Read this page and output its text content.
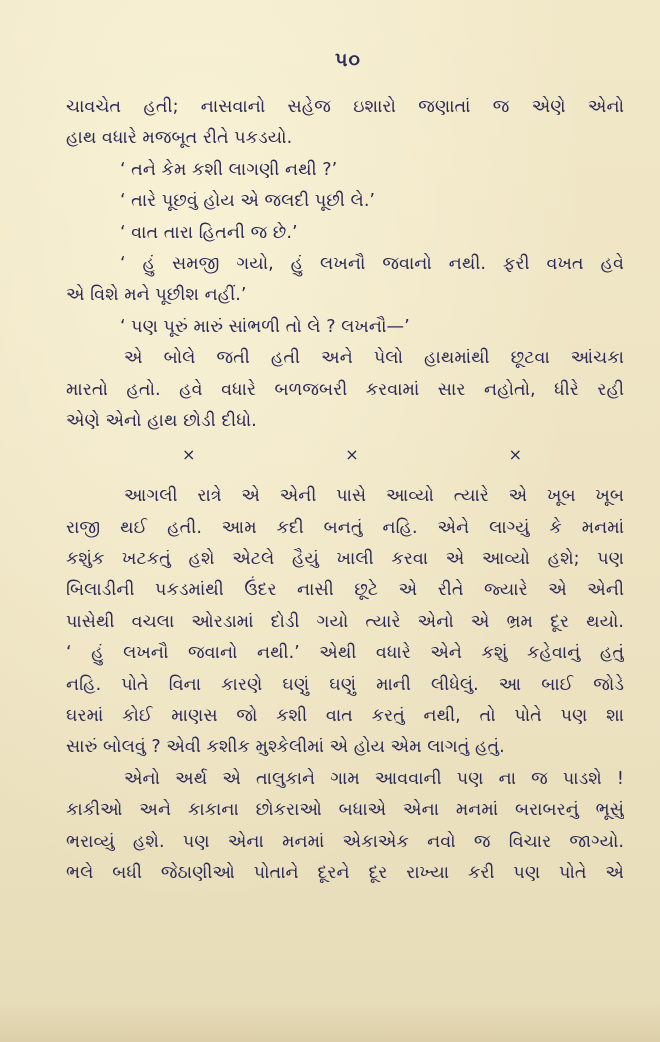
૫૦
ચાવચેત હતી; નાસવાનો સહેજ ઇશારો જણાતાં જ એણે એનો
હાથ વધારે મજબૂત રીતે પકડયો.
‘ તને કેમ કશી લાગણી નથી ?’
‘ તારે પૂછવું હોય એ જલદી પૂછી લે.’
‘ વાત તારા હિતની જ છે.’
‘ હું સમજી ગયો, હું લખનૌ જવાનો નથી. ફરી વખત હવે
એ વિશે મને પૂછીશ નહીં.’
‘ પણ પૂરું મારું સાંભળી તો લે ? લખનૌ—’
એ બોલે જતી હતી અને પેલો હાથમાંથી છૂટવા આંચકા
મારતો હતો. હવે વધારે બળજબરી કરવામાં સાર નહોતો, ધીરે રહી
એણે એનો હાથ છોડી દીધો.
×	×	×
આગલી રાત્રે એ એની પાસે આવ્યો ત્યારે એ ખૂબ ખૂબ
રાજી થઈ હતી. આમ કદી બનતું નહિ. એને લાગ્યું કે મનમાં
કશુંક ખટકતું હશે એટલે હૈયું ખાલી કરવા એ આવ્યો હશે; પણ
બિલાડીની પકડમાંથી ઉંદર નાસી છૂટે એ રીતે જ્યારે એ એની
પાસેથી વચલા ઓરડામાં દોડી ગયો ત્યારે એનો એ ભ્રમ દૂર થયો.
‘ હું લખનૌ જવાનો નથી.’ એથી વધારે એને કશું કહેવાનું હતું
નહિ. પોતે વિના કારણે ઘણું ઘણું માની લીધેલું. આ બાઈ જોડે
ઘરમાં કોઈ માણસ જો કશી વાત કરતું નથી, તો પોતે પણ શા
સારું બોલવું ? એવી કશીક મુશ્કેલીમાં એ હોય એમ લાગતું હતું.
એનો અર્થ એ તાલુકાને ગામ આવવાની પણ ના જ પાડશે !
કાકીઓ અને કાકાના છોકરાઓ બધાએ એના મનમાં બરાબરનું ભૂસું
ભરાવ્યું હશે. પણ એના મનમાં એકાએક નવો જ વિચાર જાગ્યો.
ભલે બધી જેઠાણીઓ પોતાને દૂરને દૂર રાખ્યા કરી પણ પોતે એ
